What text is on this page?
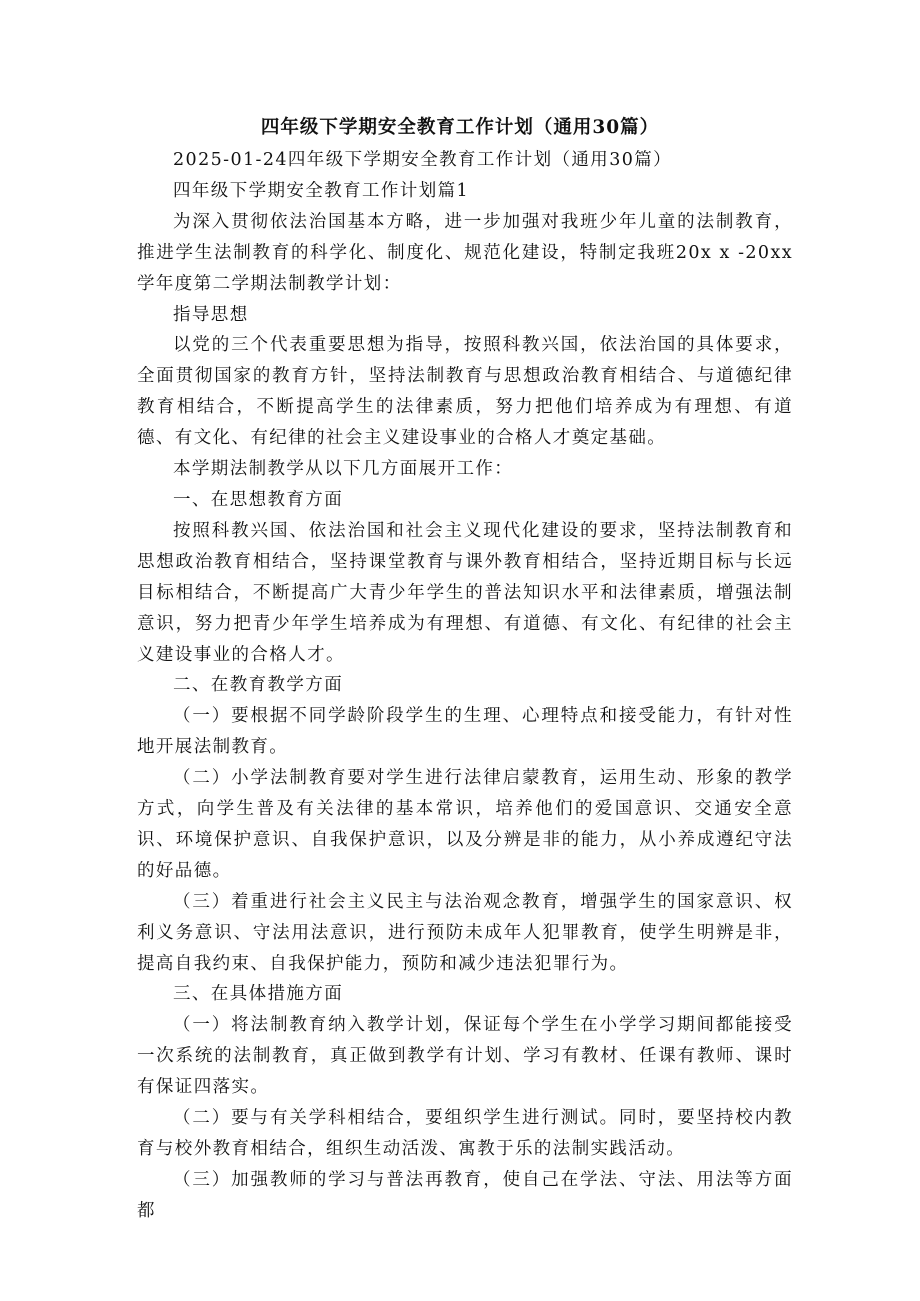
四年级下学期安全教育工作计划（通用30篇）

2025-01-24四年级下学期安全教育工作计划（通用30篇）

四年级下学期安全教育工作计划篇1

为深入贯彻依法治国基本方略，进一步加强对我班少年儿童的法制教育，推进学生法制教育的科学化、制度化、规范化建设，特制定我班20x x -20xx学年度第二学期法制教学计划：

指导思想

以党的三个代表重要思想为指导，按照科教兴国，依法治国的具体要求，全面贯彻国家的教育方针，坚持法制教育与思想政治教育相结合、与道德纪律教育相结合，不断提高学生的法律素质，努力把他们培养成为有理想、有道德、有文化、有纪律的社会主义建设事业的合格人才奠定基础。

本学期法制教学从以下几方面展开工作：

一、在思想教育方面

按照科教兴国、依法治国和社会主义现代化建设的要求，坚持法制教育和思想政治教育相结合，坚持课堂教育与课外教育相结合，坚持近期目标与长远目标相结合，不断提高广大青少年学生的普法知识水平和法律素质，增强法制意识，努力把青少年学生培养成为有理想、有道德、有文化、有纪律的社会主义建设事业的合格人才。

二、在教育教学方面

（一）要根据不同学龄阶段学生的生理、心理特点和接受能力，有针对性地开展法制教育。

（二）小学法制教育要对学生进行法律启蒙教育，运用生动、形象的教学方式，向学生普及有关法律的基本常识，培养他们的爱国意识、交通安全意识、环境保护意识、自我保护意识，以及分辨是非的能力，从小养成遵纪守法的好品德。

（三）着重进行社会主义民主与法治观念教育，增强学生的国家意识、权利义务意识、守法用法意识，进行预防未成年人犯罪教育，使学生明辨是非，提高自我约束、自我保护能力，预防和减少违法犯罪行为。

三、在具体措施方面

（一）将法制教育纳入教学计划，保证每个学生在小学学习期间都能接受一次系统的法制教育，真正做到教学有计划、学习有教材、任课有教师、课时有保证四落实。

（二）要与有关学科相结合，要组织学生进行测试。同时，要坚持校内教育与校外教育相结合，组织生动活泼、寓教于乐的法制实践活动。

（三）加强教师的学习与普法再教育，使自己在学法、守法、用法等方面都
